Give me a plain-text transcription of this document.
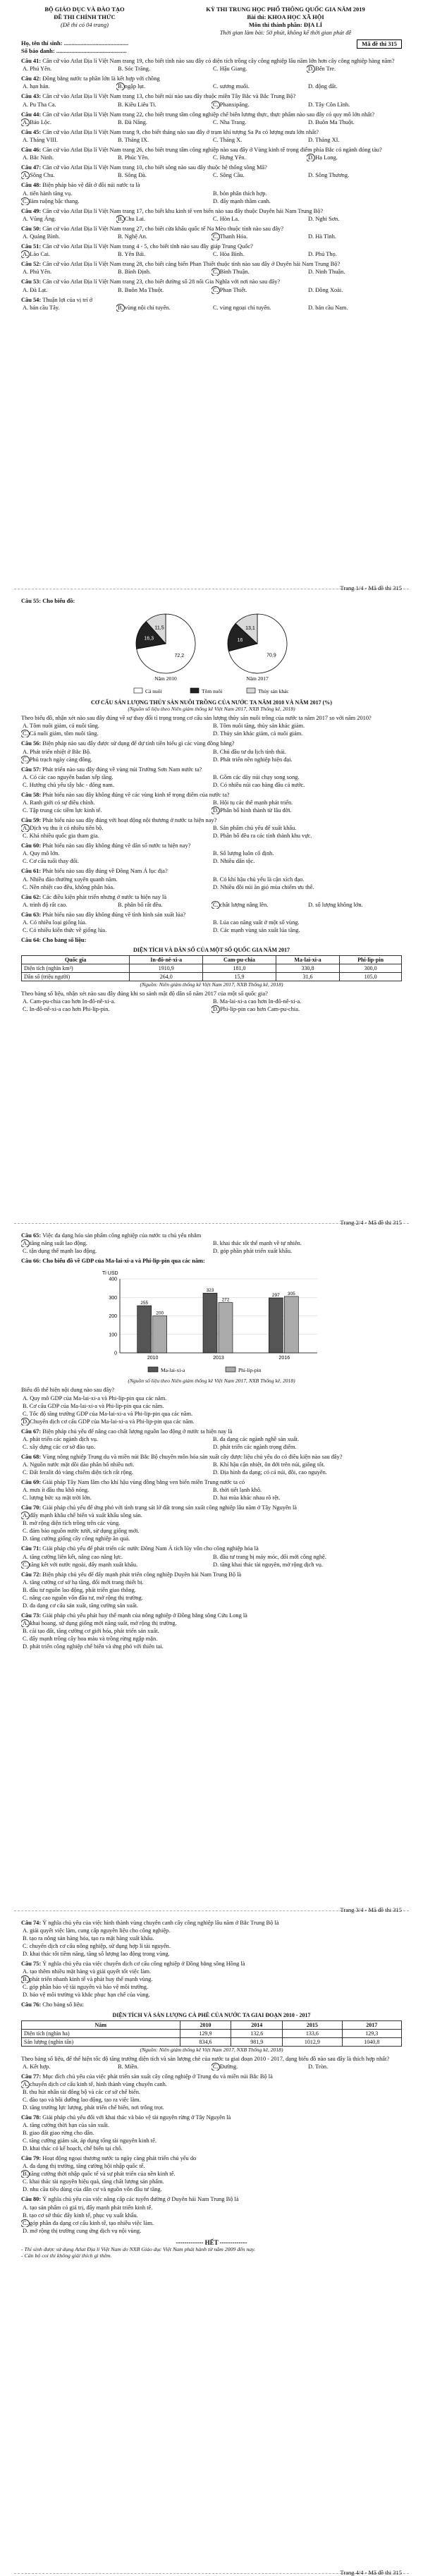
BỘ GIÁO DỤC VÀ ĐÀO TẠO
ĐỀ THI CHÍNH THỨC
(Đề thi có 04 trang)
KỲ THI TRUNG HỌC PHỔ THÔNG QUỐC GIA NĂM 2019
Bài thi: KHOA HỌC XÃ HỘI
Môn thi thành phần: ĐỊA LÍ
Thời gian làm bài: 50 phút, không kể thời gian phát đề
Họ, tên thí sinh: ...........................................
Số báo danh: ...............................................
Mã đề thi 315
Câu 41: Căn cứ vào Atlat Địa lí Việt Nam trang 19, cho biết tỉnh nào sau đây có diện tích trồng cây công nghiệp lâu năm lớn hơn cây công nghiệp hàng năm?
A. Phú Yên.	B. Sóc Trăng.	C. Hậu Giang.	D. Bến Tre.
Câu 42: Đồng bằng nước ta phần lớn là kết hợp với chồng
A. hạn hán.	B. ngập lụt.	C. sương muối.	D. động đất.
Câu 43: Căn cứ vào Atlat Địa lí Việt Nam trang 13, cho biết núi nào sau đây thuộc miền Tây Bắc và Bắc Trung Bộ?
A. Pu Tha Ca.	B. Kiều Liêu Ti.	C. Phanxipăng.	D. Tây Côn Lĩnh.
Câu 44: Căn cứ vào Atlat Địa lí Việt Nam trang 22, cho biết trung tâm công nghiệp chế biến lương thực, thực phẩm nào sau đây có quy mô lớn nhất?
A. Bảo Lộc.	B. Đà Nẵng.	C. Nha Trang.	D. Buôn Ma Thuột.
Câu 45: Căn cứ vào Atlat Địa lí Việt Nam trang 9, cho biết tháng nào sau đây ở trạm khí tượng Sa Pa có lượng mưa lớn nhất?
A. Tháng VIII.	B. Tháng IX.	C. Tháng X.	D. Tháng XI.
Câu 46: Căn cứ vào Atlat Địa lí Việt Nam trang 26, cho biết trung tâm công nghiệp nào sau đây ở Vùng kinh tế trọng điểm phía Bắc có ngành đóng tàu?
A. Bắc Ninh.	B. Phúc Yên.	C. Hưng Yên.	D. Hạ Long.
Câu 47: Căn cứ vào Atlat Địa lí Việt Nam trang 10, cho biết sông nào sau đây thuộc hệ thống sông Mã?
A. Sông Chu.	B. Sông Đà.	C. Sông Cầu.	D. Sông Thương.
Câu 48: Biện pháp bảo vệ đất ở đồi núi nước ta là
A. tiến hành tăng vụ.	B. bón phân thích hợp.
C. làm ruộng bậc thang.	D. đẩy mạnh thâm canh.
Câu 49: Căn cứ vào Atlat Địa lí Việt Nam trang 17, cho biết khu kinh tế ven biển nào sau đây thuộc Duyên hải Nam Trung Bộ?
A. Vũng Áng.	B. Chu Lai.	C. Hòn La.	D. Nghi Sơn.
Câu 50: Căn cứ vào Atlat Địa lí Việt Nam trang 27, cho biết cửa khẩu quốc tế Na Mèo thuộc tỉnh nào sau đây?
A. Quảng Bình.	B. Nghệ An.	C. Thanh Hóa.	D. Hà Tĩnh.
Câu 51: Căn cứ vào Atlat Địa lí Việt Nam trang 4 - 5, cho biết tỉnh nào sau đây giáp Trung Quốc?
A. Lào Cai.	B. Yên Bái.	C. Hòa Bình.	D. Phú Thọ.
Câu 52: Căn cứ vào Atlat Địa lí Việt Nam trang 28, cho biết cảng biển Phan Thiết thuộc tỉnh nào sau đây ở Duyên hải Nam Trung Bộ?
A. Phú Yên.	B. Bình Định.	C. Bình Thuận.	D. Ninh Thuận.
Câu 53: Căn cứ vào Atlat Địa lí Việt Nam trang 23, cho biết đường số 28 nối Gia Nghĩa với nơi nào sau đây?
A. Đà Lạt.	B. Buôn Ma Thuột.	C. Phan Thiết.	D. Đồng Xoài.
Câu 54: Thuận lợi của vị trí ở
A. bán cầu Tây.	B. vùng nội chí tuyến.	C. vùng ngoại chí tuyến.	D. bán cầu Nam.
Trang 1/4 - Mã đề thi 315
Câu 55: Cho biểu đồ:
72,2
16,3
11,5
Năm 2010
70,9
16
13,1
Năm 2017
Cá nuôi	Tôm nuôi	Thủy sản khác
CƠ CẤU SẢN LƯỢNG THỦY SẢN NUÔI TRỒNG CỦA NƯỚC TA NĂM 2010 VÀ NĂM 2017 (%)
(Nguồn số liệu theo Niên giám thống kê Việt Nam 2017, NXB Thống kê, 2018)
Theo biểu đồ, nhận xét nào sau đây đúng về sự thay đổi tỉ trọng trong cơ cấu sản lượng thủy sản nuôi trồng của nước ta năm 2017 so với năm 2010?
A. Tôm nuôi giảm, cá nuôi tăng.	B. Tôm nuôi tăng, thủy sản khác giảm.
C. Cá nuôi giảm, tôm nuôi tăng.	D. Thủy sản khác giảm, cá nuôi giảm.
Câu 56: Biện pháp nào sau đây được sử dụng để dự tính tiền hiểu gì các vùng đồng bằng?
A. Phát triển nhiệt ở Bắc Bộ.	B. Chú đầu tư du lịch tỉnh thái.
C. Phủ trạch ngày càng đông.	D. Phát triển nền nghiệp hiện đại.
Câu 57: Phát triển nào sau đây đúng về vùng núi Trường Sơn Nam nước ta?
A. Có các cao nguyên badan xếp tầng.	B. Gồm các dãy núi chạy song song.
C. Hướng chủ yếu tây bắc - đông nam.	D. Có nhiều núi cao hàng đầu cả nước.
Câu 58: Phát biểu nào sau đây không đúng về các vùng kinh tế trọng điểm của nước ta?
A. Ranh giới có sự điều chỉnh.	B. Hội tụ các thế mạnh phát triển.
C. Tập trung các tiềm lực kinh tế.	D. Phân bố hình thành từ lâu đời.
Câu 59: Phát biểu nào sau đây đúng với hoạt động nội thương ở nước ta hiện nay?
A. Dịch vụ thu ít có nhiều tiến bộ.	B. Sản phẩm chủ yếu để xuất khẩu.
C. Khá nhiều quốc gia tham gia.	D. Phân bố đều ra các tỉnh thành khu vực.
Câu 60: Phát biểu nào sau đây không đúng về dân số nước ta hiện nay?
A. Quy mô lớn.	B. Số lượng luôn cố định.
C. Cơ cấu tuổi thay đổi.	D. Nhiều dân tộc.
Câu 61: Phát biểu nào sau đây đúng về Đông Nam Á lục địa?
A. Nhiều đảo thường xuyên quanh năm.	B. Có khí hậu chủ yếu là cận xích đạo.
C. Nền nhiệt cao đều, không phân hóa.	D. Nhiều đồi núi ăn gió mùa chiếm ưu thế.
Câu 62: Các điều kiện phát triển nhưng ở nước ta hiện nay là
A. trình độ rất cao.	B. phân bố rất đều.	C. chất lượng nâng lên.	D. số lượng không lớn.
Câu 63: Phát biểu nào sau đây không đúng về tình hình sản xuất lúa?
A. Có nhiều loại giống lúa.	B. Lúa cao năng suất ở một số vùng.
C. Có nhiều kiến thức về giống lúa.	D. Các mạnh vùng sản xuất lúa tăng.
Câu 64: Cho bảng số liệu:
DIỆN TÍCH VÀ DÂN SỐ CỦA MỘT SỐ QUỐC GIA NĂM 2017
Quốc gia	In-đô-nê-xi-a	Cam-pu-chia	Ma-lai-xi-a	Phi-lip-pin
Diện tích (nghìn km²)	1910,9	181,0	330,8	300,0
Dân số (triệu người)	264,0	15,9	31,6	105,0
(Nguồn: Niên giám thống kê Việt Nam 2017, NXB Thống kê, 2018)
Theo bảng số liệu, nhận xét nào sau đây đúng khi so sánh mật độ dân số năm 2017 của một số quốc gia?
A. Cam-pu-chia cao hơn In-đô-nê-xi-a.	B. Ma-lai-xi-a cao hơn In-đô-nê-xi-a.
C. In-đô-nê-xi-a cao hơn Phi-lip-pin.	D. Phi-lip-pin cao hơn Cam-pu-chia.
Trang 2/4 - Mã đề thi 315
Câu 65: Việc đa dạng hóa sản phẩm công nghiệp của nước ta chủ yếu nhằm
A. tăng năng suất lao động.	B. khai thác tốt thế mạnh về tự nhiên.
C. tận dụng thế mạnh lao động.	D. góp phần phát triển xuất khẩu.
Câu 66: Cho biểu đồ về GDP của Ma-lai-xi-a và Phi-lip-pin qua các năm:
Tỉ USD
0
100
200
300
400
255
200
2010
323
272
2013
297 305
2016
Ma-lai-xi-a	Phi-lip-pin
(Nguồn số liệu theo Niên giám thống kê Việt Nam 2017, NXB Thống kê, 2018)
Biểu đồ thể hiện nội dung nào sau đây?
A. Quy mô GDP của Ma-lai-xi-a và Phi-lip-pin qua các năm.
B. Cơ cấu GDP của Ma-lai-xi-a và Phi-lip-pin qua các năm.
C. Tốc độ tăng trưởng GDP của Ma-lai-xi-a và Phi-lip-pin qua các năm.
D. Chuyển dịch cơ cấu GDP của Ma-lai-xi-a và Phi-lip-pin qua các năm.
Câu 67: Biện pháp chủ yếu để nâng cao chất lượng nguồn lao động ở nước ta hiện nay là
A. phát triển các ngành dịch vụ.	B. đa dạng các ngành nghề sản xuất.
C. xây dựng các cơ sở đào tạo.	D. phát triển các ngành trọng điểm.
Câu 68: Vùng nông nghiệp Trung du và miền núi Bắc Bộ chuyên môn hóa sản xuất cây được liệu chủ yếu do có điều kiện nào sau đây?
A. Nguồn nước mặt dồi dào phân bố nhiều nơi.	B. Khí hậu cận nhiệt, ôn đới trên núi, giống tốt.
C. Đất feralit đỏ vàng chiếm diện tích rất rộng.	D. Địa hình đa dạng; có cả núi, đồi, cao nguyên.
Câu 69: Giải pháp Tây Nam lâm cho khí hậu vùng đồng bằng ven biển miền Trung nước ta có
A. mưa ít đầu thu khô nóng.	B. thời tiết lạnh khô.
C. lượng bức xạ mặt trời lớn.	D. hai mùa khác nhau rõ rệt.
Câu 70: Giải pháp chủ yếu để ứng phó với tình trạng sát lở đất trong sản xuất công nghiệp lâu năm ở Tây Nguyên là
A. đẩy mạnh khâu chế biến và xuất khẩu sông sản.
B. mở rộng diện tích trồng trên các vùng.
C. đảm bảo nguồn nước tưới, sử dụng giống mới.
D. tăng cường giống cây công nghiệp ăn quả.
Câu 71: Giải pháp chủ yếu để phát triển các nước Đông Nam Á tích lũy vốn cho công nghiệp hóa là
A. tăng cường liên kết, nâng cao năng lực.	B. đầu tư trang bị máy móc, đổi mới công nghệ.
C. tăng kết với nước ngoài, đẩy mạnh xuất khẩu.	D. tăng khai thác tài nguyên, mở rộng dịch vụ.
Câu 72: Biện pháp chủ yếu để đẩy mạnh phát triển công nghiệp Duyên hải Nam Trung Bộ là
A. tăng cường cơ sở hạ tầng, đổi mới trang thiết bị.
B. đầu tư nguồn lao động, phát triển giao thông.
C. nâng cao nguồn vốn đầu tư, mở rộng thị trường.
D. đa dạng cơ cấu sản xuất, tăng cường sản xuất.
Câu 73: Giải pháp chủ yếu phát huy thế mạnh của nông nghiệp ở Đồng bằng sông Cửu Long là
A. khai hoang, sử dụng giống mới năng suất, mở rộng thị trường.
B. cải tạo đất, tăng cường cơ giới hóa, phát triển sản xuất.
C. đẩy mạnh trồng cây hoa màu và trồng rừng ngập mặn.
D. phát triển công nghiệp chế biến và ứng phó với thiên tai.
Trang 3/4 - Mã đề thi 315
Câu 74: Ý nghĩa chủ yếu của việc hình thành vùng chuyên canh cây công nghiệp lâu năm ở Bắc Trung Bộ là
A. giải quyết việc làm, cung cấp nguyên liệu cho công nghiệp.
B. tạo ra nông sản hàng hóa, tạo ra mặt hàng xuất khẩu.
C. chuyển dịch cơ cấu nông nghiệp, sử dụng hợp lí tài nguyên.
D. khai thác tốt tiềm năng, tăng số lượng lao động trong vùng.
Câu 75: Ý nghĩa chủ yếu của việc chuyển dịch cơ cấu công nghiệp ở Đồng bằng sông Hồng là
A. tạo thêm nhiều mặt hàng và giải quyết tốt việc làm.
B. phát triển nhanh kinh tế và phát huy thế mạnh vùng.
C. góp phần bảo vệ tài nguyên và bảo vệ môi trường.
D. bảo vệ môi trường và khắc phục hạn chế của vùng.
Câu 76: Cho bảng số liệu:
DIỆN TÍCH VÀ SẢN LƯỢNG CÀ PHÊ CỦA NƯỚC TA GIAI ĐOẠN 2010 - 2017
Năm	2010	2014	2015	2017
Diện tích (nghìn ha)	129,9	132,6	133,6	129,3
Sản lượng (nghìn tấn)	834,6	981,9	1012,9	1040,8
(Nguồn: Niên giám thống kê Việt Nam 2017, NXB Thống kê, 2018)
Theo bảng số liệu, để thể hiện tốc độ tăng trưởng diện tích và sản lượng chè của nước ta giai đoạn 2010 - 2017, dạng biểu đồ nào sau đây là thích hợp nhất?
A. Kết hợp.	B. Miền.	C. Đường.	D. Tròn.
Câu 77: Mục đích chủ yếu của việc phát triển sản xuất cây công nghiệp ở Trung du và miền núi Bắc Bộ là
A. chuyển dịch cơ cấu kinh tế, hình thành vùng chuyên canh.
B. thu hút nhân tài đông bộ và các cơ sở chế biến.
C. đào tạo và bồi dưỡng lao động, tạo ra việc làm.
D. tăng trưởng lực lượng, phát triển chế biến, nơi trống trọt.
Câu 78: Giải pháp chủ yếu đối với khai thác và bảo vệ tài nguyên rừng ở Tây Nguyên là
A. tăng cường thời hạn của sản xuất.
B. giao đất giao rừng cho dân.
C. tăng cường giám sát, áp dụng tổng tài nguyên kinh tế.
D. khai thác có kế hoạch, chế biến tại chỗ.
Câu 79: Hoạt động ngoại thương nước ta ngày càng phát triển chủ yếu do
A. đa dạng thị trường, tăng cường hội nhập quốc tế.
B. tăng cường thời nhập quốc tế và sự phát triển của nền kinh tế.
C. khai thác tài nguyên hiệu quả, tăng chất lượng sản phẩm.
D. nhu cầu tiêu dùng của dân cư và nguồn vốn đầu tư tăng.
Câu 80: Ý nghĩa chủ yếu của việc nâng cấp các tuyến đường ở Duyên hải Nam Trung Bộ là
A. tạo sản phẩm có giá trị, đẩy mạnh phát triển kinh tế.
B. tạo cơ sở thúc đẩy kinh tế, phục vụ xuất khẩu.
C. góp phần đa dạng cơ cấu kinh tế, tạo nhiều việc làm.
D. mở rộng thị trường cung ứng dịch vụ nội vùng.
------------- HẾT -------------
- Thí sinh được sử dụng Atlat Địa lí Việt Nam do NXB Giáo dục Việt Nam phát hành từ năm 2009 đến nay.
- Cán bộ coi thi không giải thích gì thêm.
Trang 4/4 - Mã đề thi 315
